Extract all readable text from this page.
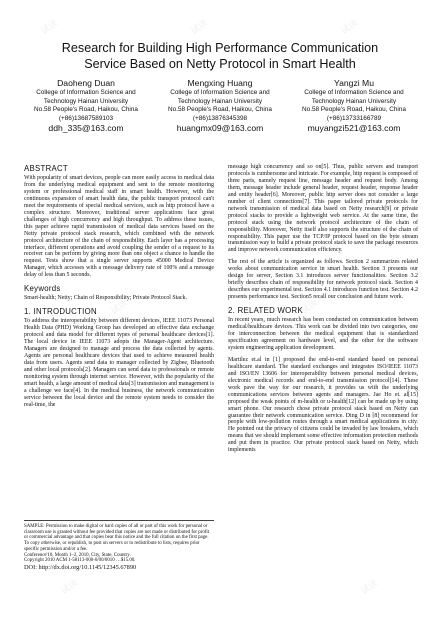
Research for Building High Performance Communication
Service Based on Netty Protocol in Smart Health
Daoheng Duan
College of Information Science and
Technology Hainan University
No.58 People's Road, Haikou, China
(+86)13687589103
ddh_335@163.com
Mengxing Huang
College of Information Science and
Technology Hainan University
No.58 People's Road, Haikou, China
(+86)13876345398
huangmx09@163.com
Yangzi Mu
College of Information Science and
Technology Hainan University
No.58 People's Road, Haikou, China
(+86)13733166789
muyangzi521@163.com
ABSTRACT
With popularity of smart devices, people can more easily access to medical data from the underlying medical equipment and sent to the remote monitoring system or professional medical staff in smart health. However, with the continuous expansion of smart health data, the public transport protocol can't meet the requirements of special medical services, such as http protocol have a complex structure. Moreover, traditional server applications face great challenges of high concurrency and high throughput. To address these issues, this paper achieve rapid transmission of medical data services based on the Netty private protocol stack research, which combined with the network protocol architecture of the chain of responsibility. Each layer has a processing interface, different operations and avoid coupling the sender of a request to its receiver can be perform by giving more than one object a chance to handle the request. Tests show that a single server supports 45000 Medical Device Manager, which accesses with a message delivery rate of 100% and a message delay of less than 5 seconds.
Keywords
Smart-health; Netty; Chain of Responsibility; Private Protocol Stack.
1. INTRODUCTION
To address the interoperability between different devices, IEEE 11073 Personal Health Data (PHD) Working Group has developed an effective data exchange protocol and data model for different types of personal healthcare devices[1]. The local device in IEEE 11073 adopts the Manager-Agent architecture. Managers are designed to manage and process the data collected by agents. Agents are personal healthcare devices that used to achieve measured health data from users. Agents send data to manager collected by Zigbee, Bluetooth and other local protocols[2]. Managers can send data to professionals or remote monitoring system through internet service. However, with the popularity of the smart health, a large amount of medical data[3] transmission and management is a challenge we face[4]. In the medical business, the network communication service between the local device and the remote system needs to consider the real-time, the
SAMPLE: Permission to make digital or hard copies of all or part of this work for personal or classroom use is granted without fee provided that copies are not made or distributed for profit or commercial advantage and that copies bear this notice and the full citation on the first page. To copy otherwise, or republish, to post on servers or to redistribute to lists, requires prior specific permission and/or a fee.
Conference'10, Month 1–2, 2010, City, State, Country.
Copyright 2010 ACM 1-58113-000-0/00/0010 …$15.00.
DOI: http://dx.doi.org/10.1145/12345.67890
message high concurrency and so on[5]. Thus, public servers and transport protocols is cumbersome and intricate. For example, http request is composed of three parts, namely request line, message header and request body. Among them, message header include general header, request header, response header and entity header[6]. Moreover, public http server does not consider a large number of client connections[7]. This paper tailored private protocols for network transmission of medical data based on Netty research[9] or private protocol stacks to provide a lightweight web service. At the same time, the protocol stack using the network protocol architecture of the chain of responsibility. Moreover, Netty itself also supports the structure of the chain of responsibility. This paper use the TCP/IP protocol based on the byte stream transmission way to build a private protocol stack to save the package resources and improve network communication efficiency.
The rest of the article is organized as follows. Section 2 summarizes related works about communication service in smart health. Section 3 presents our design for server, Section 3.1 introduces server functionalities. Section 3.2 briefly describes chain of responsibility for network protocol stack. Section 4 describes our experimental test. Section 4.1 introduces function test. Section 4.2 presents performance test. Section5 recall our conclusion and future work.
2. RELATED WORK
In recent years, much research has been conducted on communication between medical/healthcare devices. This work can be divided into two categories, one for interconnection between the medical equipment that is standardized specification agreement on hardware level, and the other for the software system engineering application development.
Martilez et.al in [1] proposed the end-to-end standard based on personal healthcare standard. The standard exchanges and integrates ISO/IEEE 11073 and ISO/EN 13606 for interoperability between personal medical devices, electronic medical records and end-to-end transmission protocol[14]. These work pave the way for our research, it provides us with the underlying communications services between agents and managers. Jae Ho et. al[15] proposed the weak points of m-health or u-health[12] can be made up by using smart phone. Our research chose private protocol stack based on Netty can guarantee their network communication service. Ding D in [8] recommend for people with low-pollution routes through a smart medical applications in city. He pointed out the privacy of citizens could be invaded by law breakers, which means that we should implement some effective information protection methods and put them in practice. Our private protocol stack based on Netty, which implements
试读	试读	试读
试读	试读
试读	试读
